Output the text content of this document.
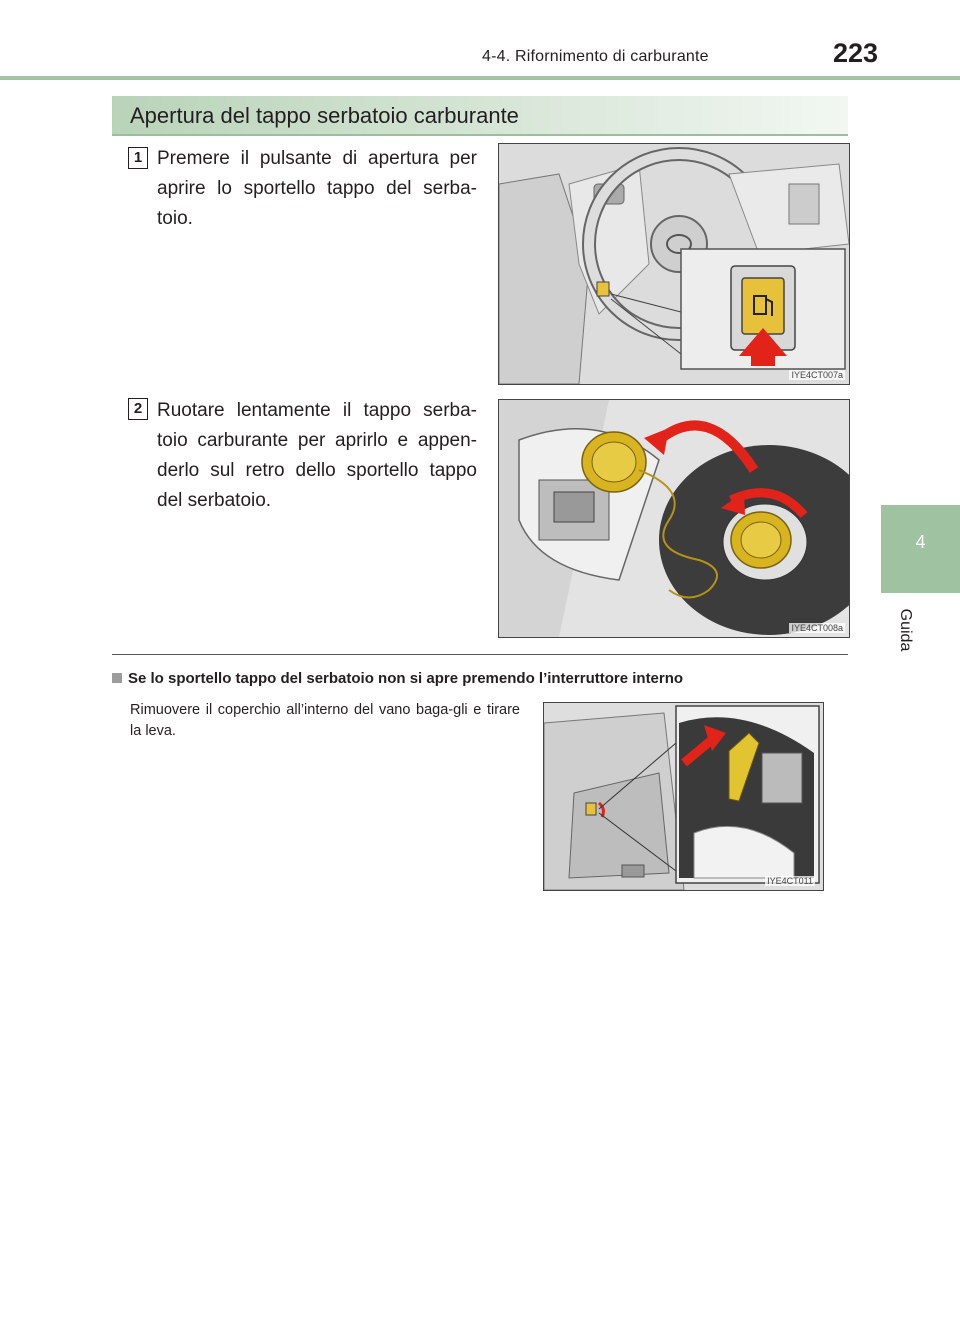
4-4. Rifornimento di carburante	223
4
Guida
Apertura del tappo serbatoio carburante
1 Premere il pulsante di apertura per aprire lo sportello tappo del serba-toio.
IYE4CT007a
2 Ruotare lentamente il tappo serba-toio carburante per aprirlo e appen-derlo sul retro dello sportello tappo del serbatoio.
IYE4CT008a
Se lo sportello tappo del serbatoio non si apre premendo l’interruttore interno
Rimuovere il coperchio all’interno del vano baga-gli e tirare la leva.
IYE4CT011
